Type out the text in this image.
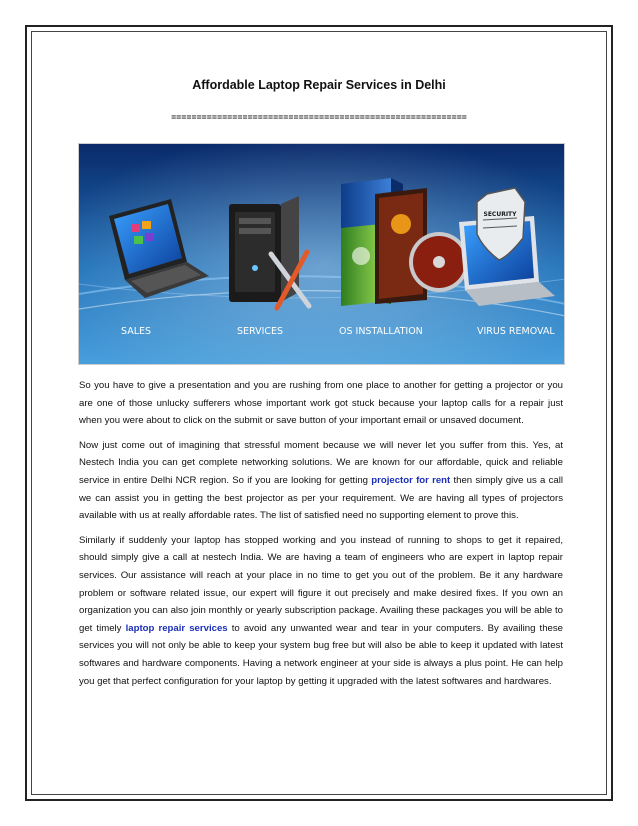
Affordable Laptop Repair Services in Delhi
==========================================================
SECURITY
SALES	SERVICES	OS INSTALLATION	VIRUS REMOVAL

So you have to give a presentation and you are rushing from one place to another for getting a projector or you are one of those unlucky sufferers whose important work got stuck because your laptop calls for a repair just when you were about to click on the submit or save button of your important email or unsaved document.

Now just come out of imagining that stressful moment because we will never let you suffer from this. Yes, at Nestech India you can get complete networking solutions. We are known for our affordable, quick and reliable service in entire Delhi NCR region. So if you are looking for getting projector for rent then simply give us a call we can assist you in getting the best projector as per your requirement. We are having all types of projectors available with us at really affordable rates. The list of satisfied need no supporting element to prove this.

Similarly if suddenly your laptop has stopped working and you instead of running to shops to get it repaired, should simply give a call at nestech India. We are having a team of engineers who are expert in laptop repair services. Our assistance will reach at your place in no time to get you out of the problem. Be it any hardware problem or software related issue, our expert will figure it out precisely and make desired fixes. If you own an organization you can also join monthly or yearly subscription package. Availing these packages you will be able to get timely laptop repair services to avoid any unwanted wear and tear in your computers. By availing these services you will not only be able to keep your system bug free but will also be able to keep it updated with latest softwares and hardware components. Having a network engineer at your side is always a plus point. He can help you get that perfect configuration for your laptop by getting it upgraded with the latest softwares and hardwares.
